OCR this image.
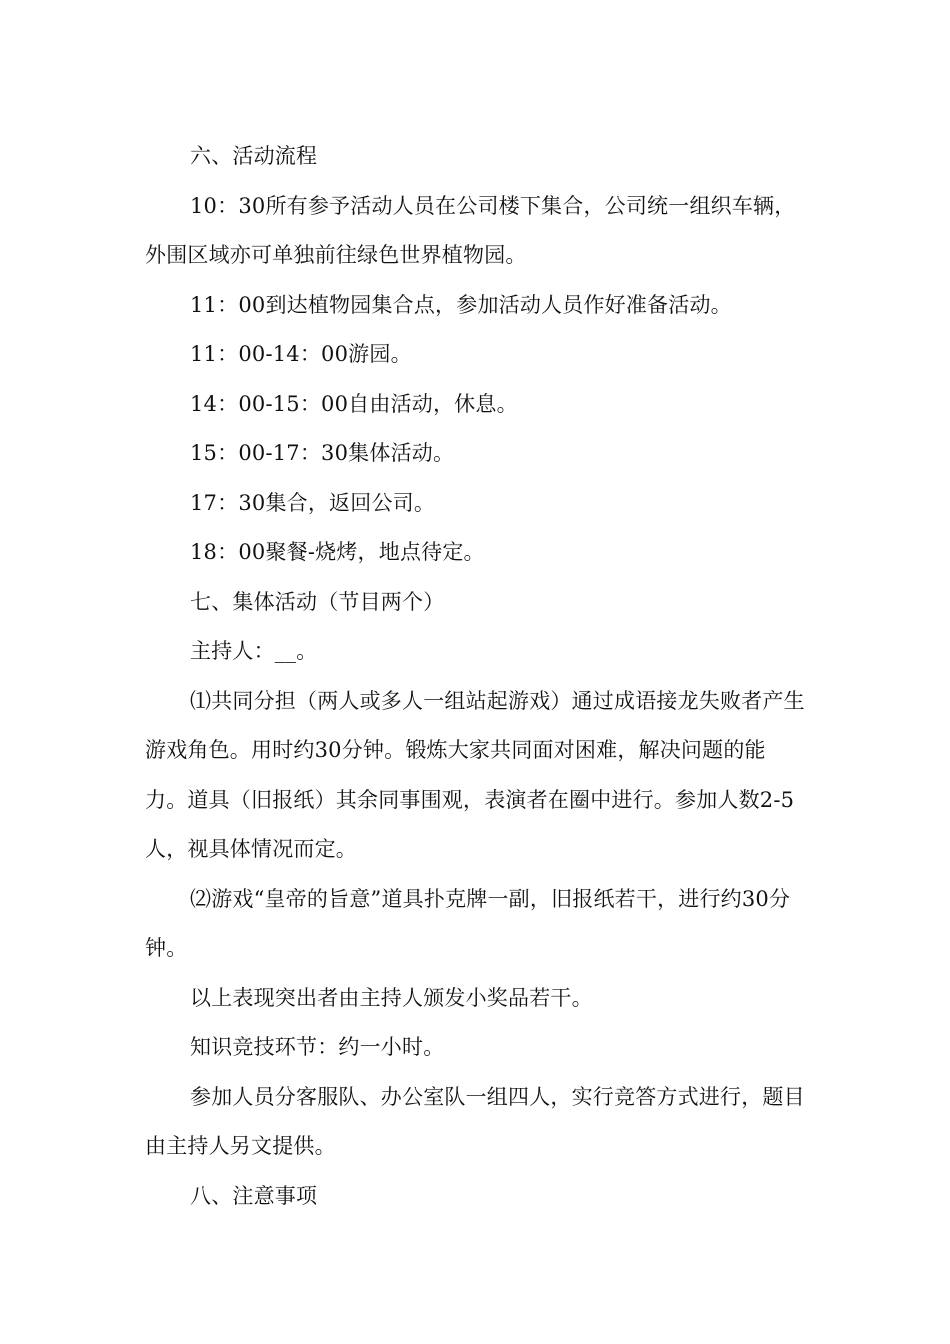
六、活动流程

10：30所有参予活动人员在公司楼下集合，公司统一组织车辆，外围区域亦可单独前往绿色世界植物园。

11：00到达植物园集合点，参加活动人员作好准备活动。

11：00-14：00游园。

14：00-15：00自由活动，休息。

15：00-17：30集体活动。

17：30集合，返回公司。

18：00聚餐-烧烤，地点待定。

七、集体活动（节目两个）

主持人：__。

⑴共同分担（两人或多人一组站起游戏）通过成语接龙失败者产生游戏角色。用时约30分钟。锻炼大家共同面对困难，解决问题的能力。道具（旧报纸）其余同事围观，表演者在圈中进行。参加人数2-5人，视具体情况而定。

⑵游戏“皇帝的旨意”道具扑克牌一副，旧报纸若干，进行约30分钟。

以上表现突出者由主持人颁发小奖品若干。

知识竞技环节：约一小时。

参加人员分客服队、办公室队一组四人，实行竞答方式进行，题目由主持人另文提供。

八、注意事项
